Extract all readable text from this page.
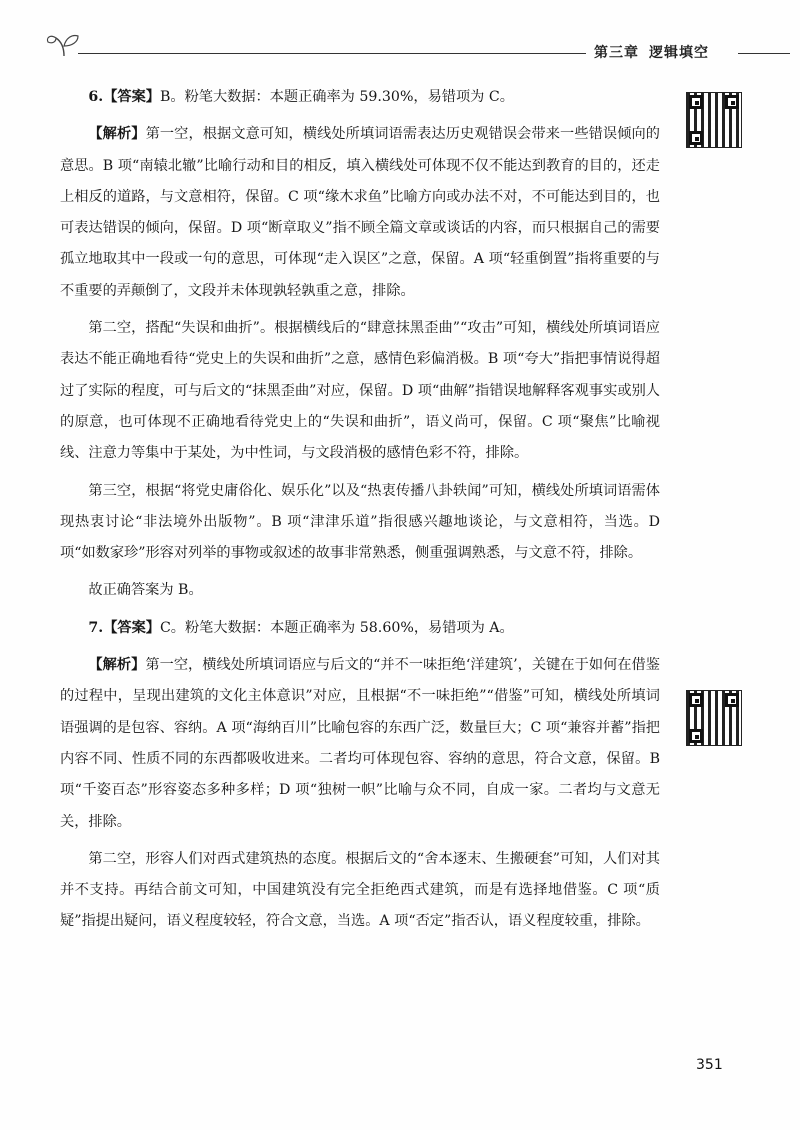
第三章 逻辑填空

6.【答案】B。粉笔大数据：本题正确率为 59.30%，易错项为 C。

【解析】第一空，根据文意可知，横线处所填词语需表达历史观错误会带来一些错误倾向的意思。B 项“南辕北辙”比喻行动和目的相反，填入横线处可体现不仅不能达到教育的目的，还走上相反的道路，与文意相符，保留。C 项“缘木求鱼”比喻方向或办法不对，不可能达到目的，也可表达错误的倾向，保留。D 项“断章取义”指不顾全篇文章或谈话的内容，而只根据自己的需要孤立地取其中一段或一句的意思，可体现“走入误区”之意，保留。A 项“轻重倒置”指将重要的与不重要的弄颠倒了，文段并未体现孰轻孰重之意，排除。

第二空，搭配“失误和曲折”。根据横线后的“肆意抹黑歪曲”“攻击”可知，横线处所填词语应表达不能正确地看待“党史上的失误和曲折”之意，感情色彩偏消极。B 项“夸大”指把事情说得超过了实际的程度，可与后文的“抹黑歪曲”对应，保留。D 项“曲解”指错误地解释客观事实或别人的原意，也可体现不正确地看待党史上的“失误和曲折”，语义尚可，保留。C 项“聚焦”比喻视线、注意力等集中于某处，为中性词，与文段消极的感情色彩不符，排除。

第三空，根据“将党史庸俗化、娱乐化”以及“热衷传播八卦轶闻”可知，横线处所填词语需体现热衷讨论“非法境外出版物”。B 项“津津乐道”指很感兴趣地谈论，与文意相符，当选。D 项“如数家珍”形容对列举的事物或叙述的故事非常熟悉，侧重强调熟悉，与文意不符，排除。

故正确答案为 B。

7.【答案】C。粉笔大数据：本题正确率为 58.60%，易错项为 A。

【解析】第一空，横线处所填词语应与后文的“并不一味拒绝‘洋建筑’，关键在于如何在借鉴的过程中，呈现出建筑的文化主体意识”对应，且根据“不一味拒绝”“借鉴”可知，横线处所填词语强调的是包容、容纳。A 项“海纳百川”比喻包容的东西广泛，数量巨大；C 项“兼容并蓄”指把内容不同、性质不同的东西都吸收进来。二者均可体现包容、容纳的意思，符合文意，保留。B 项“千姿百态”形容姿态多种多样；D 项“独树一帜”比喻与众不同，自成一家。二者均与文意无关，排除。

第二空，形容人们对西式建筑热的态度。根据后文的“舍本逐末、生搬硬套”可知，人们对其并不支持。再结合前文可知，中国建筑没有完全拒绝西式建筑，而是有选择地借鉴。C 项“质疑”指提出疑问，语义程度较轻，符合文意，当选。A 项“否定”指否认，语义程度较重，排除。

351
